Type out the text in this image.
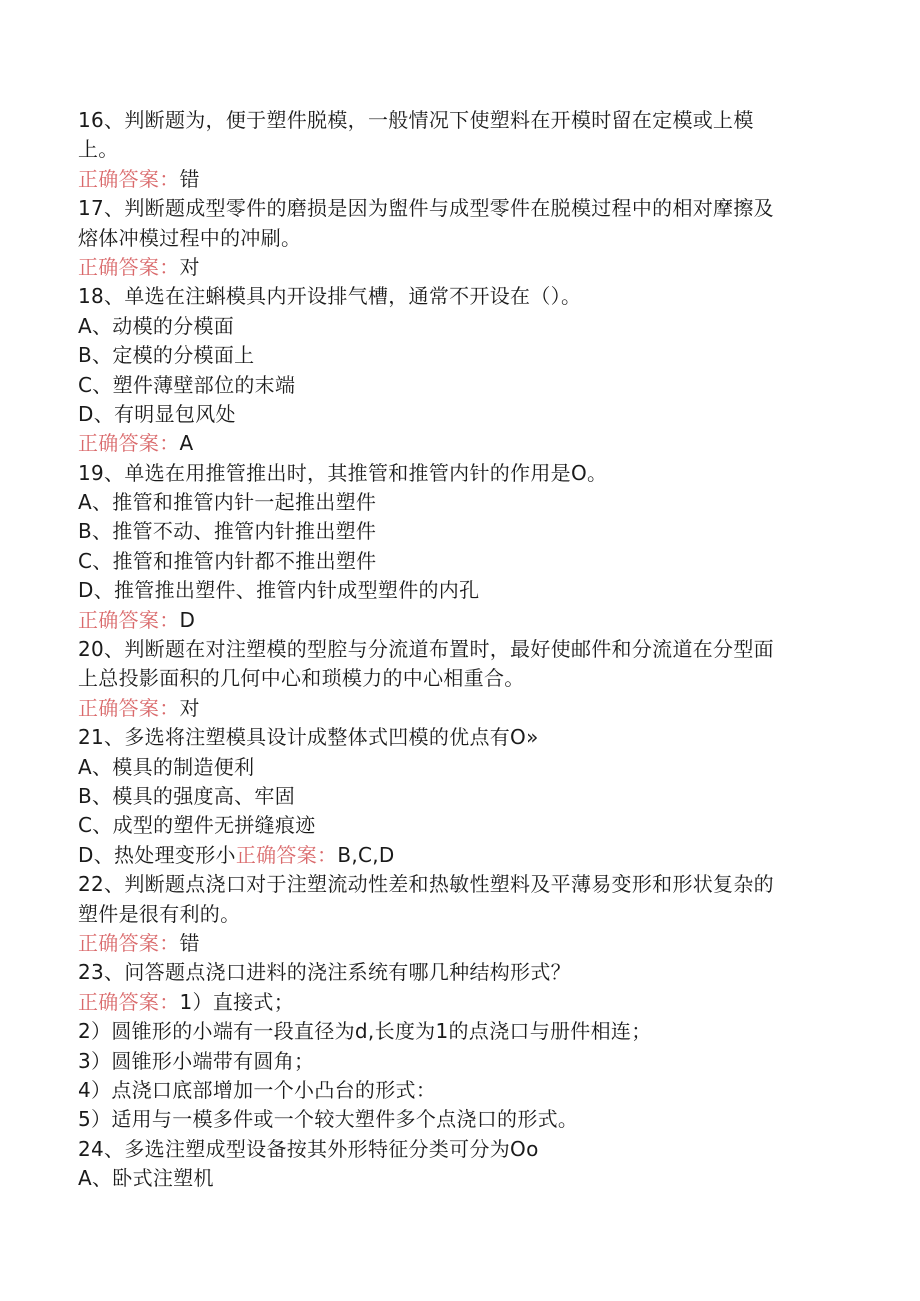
16、判断题为，便于塑件脱模，一般情况下使塑料在开模时留在定模或上模
上。
正确答案：错
17、判断题成型零件的磨损是因为盥件与成型零件在脱模过程中的相对摩擦及
熔体冲模过程中的冲刷。
正确答案：对
18、单选在注蝌模具内开设排气槽，通常不开设在（）。
A、动模的分模面
B、定模的分模面上
C、塑件薄壁部位的末端
D、有明显包风处
正确答案：A
19、单选在用推管推出时，其推管和推管内针的作用是O。
A、推管和推管内针一起推出塑件
B、推管不动、推管内针推出塑件
C、推管和推管内针都不推出塑件
D、推管推出塑件、推管内针成型塑件的内孔
正确答案：D
20、判断题在对注塑模的型腔与分流道布置时，最好使邮件和分流道在分型面
上总投影面积的几何中心和琐模力的中心相重合。
正确答案：对
21、多选将注塑模具设计成整体式凹模的优点有O»
A、模具的制造便利
B、模具的强度高、牢固
C、成型的塑件无拼缝痕迹
D、热处理变形小正确答案：B,C,D
22、判断题点浇口对于注塑流动性差和热敏性塑料及平薄易变形和形状复杂的
塑件是很有利的。
正确答案：错
23、问答题点浇口进料的浇注系统有哪几种结构形式？
正确答案：1）直接式；
2）圆锥形的小端有一段直径为d,长度为1的点浇口与册件相连；
3）圆锥形小端带有圆角；
4）点浇口底部增加一个小凸台的形式：
5）适用与一模多件或一个较大塑件多个点浇口的形式。
24、多选注塑成型设备按其外形特征分类可分为Oo
A、卧式注塑机
